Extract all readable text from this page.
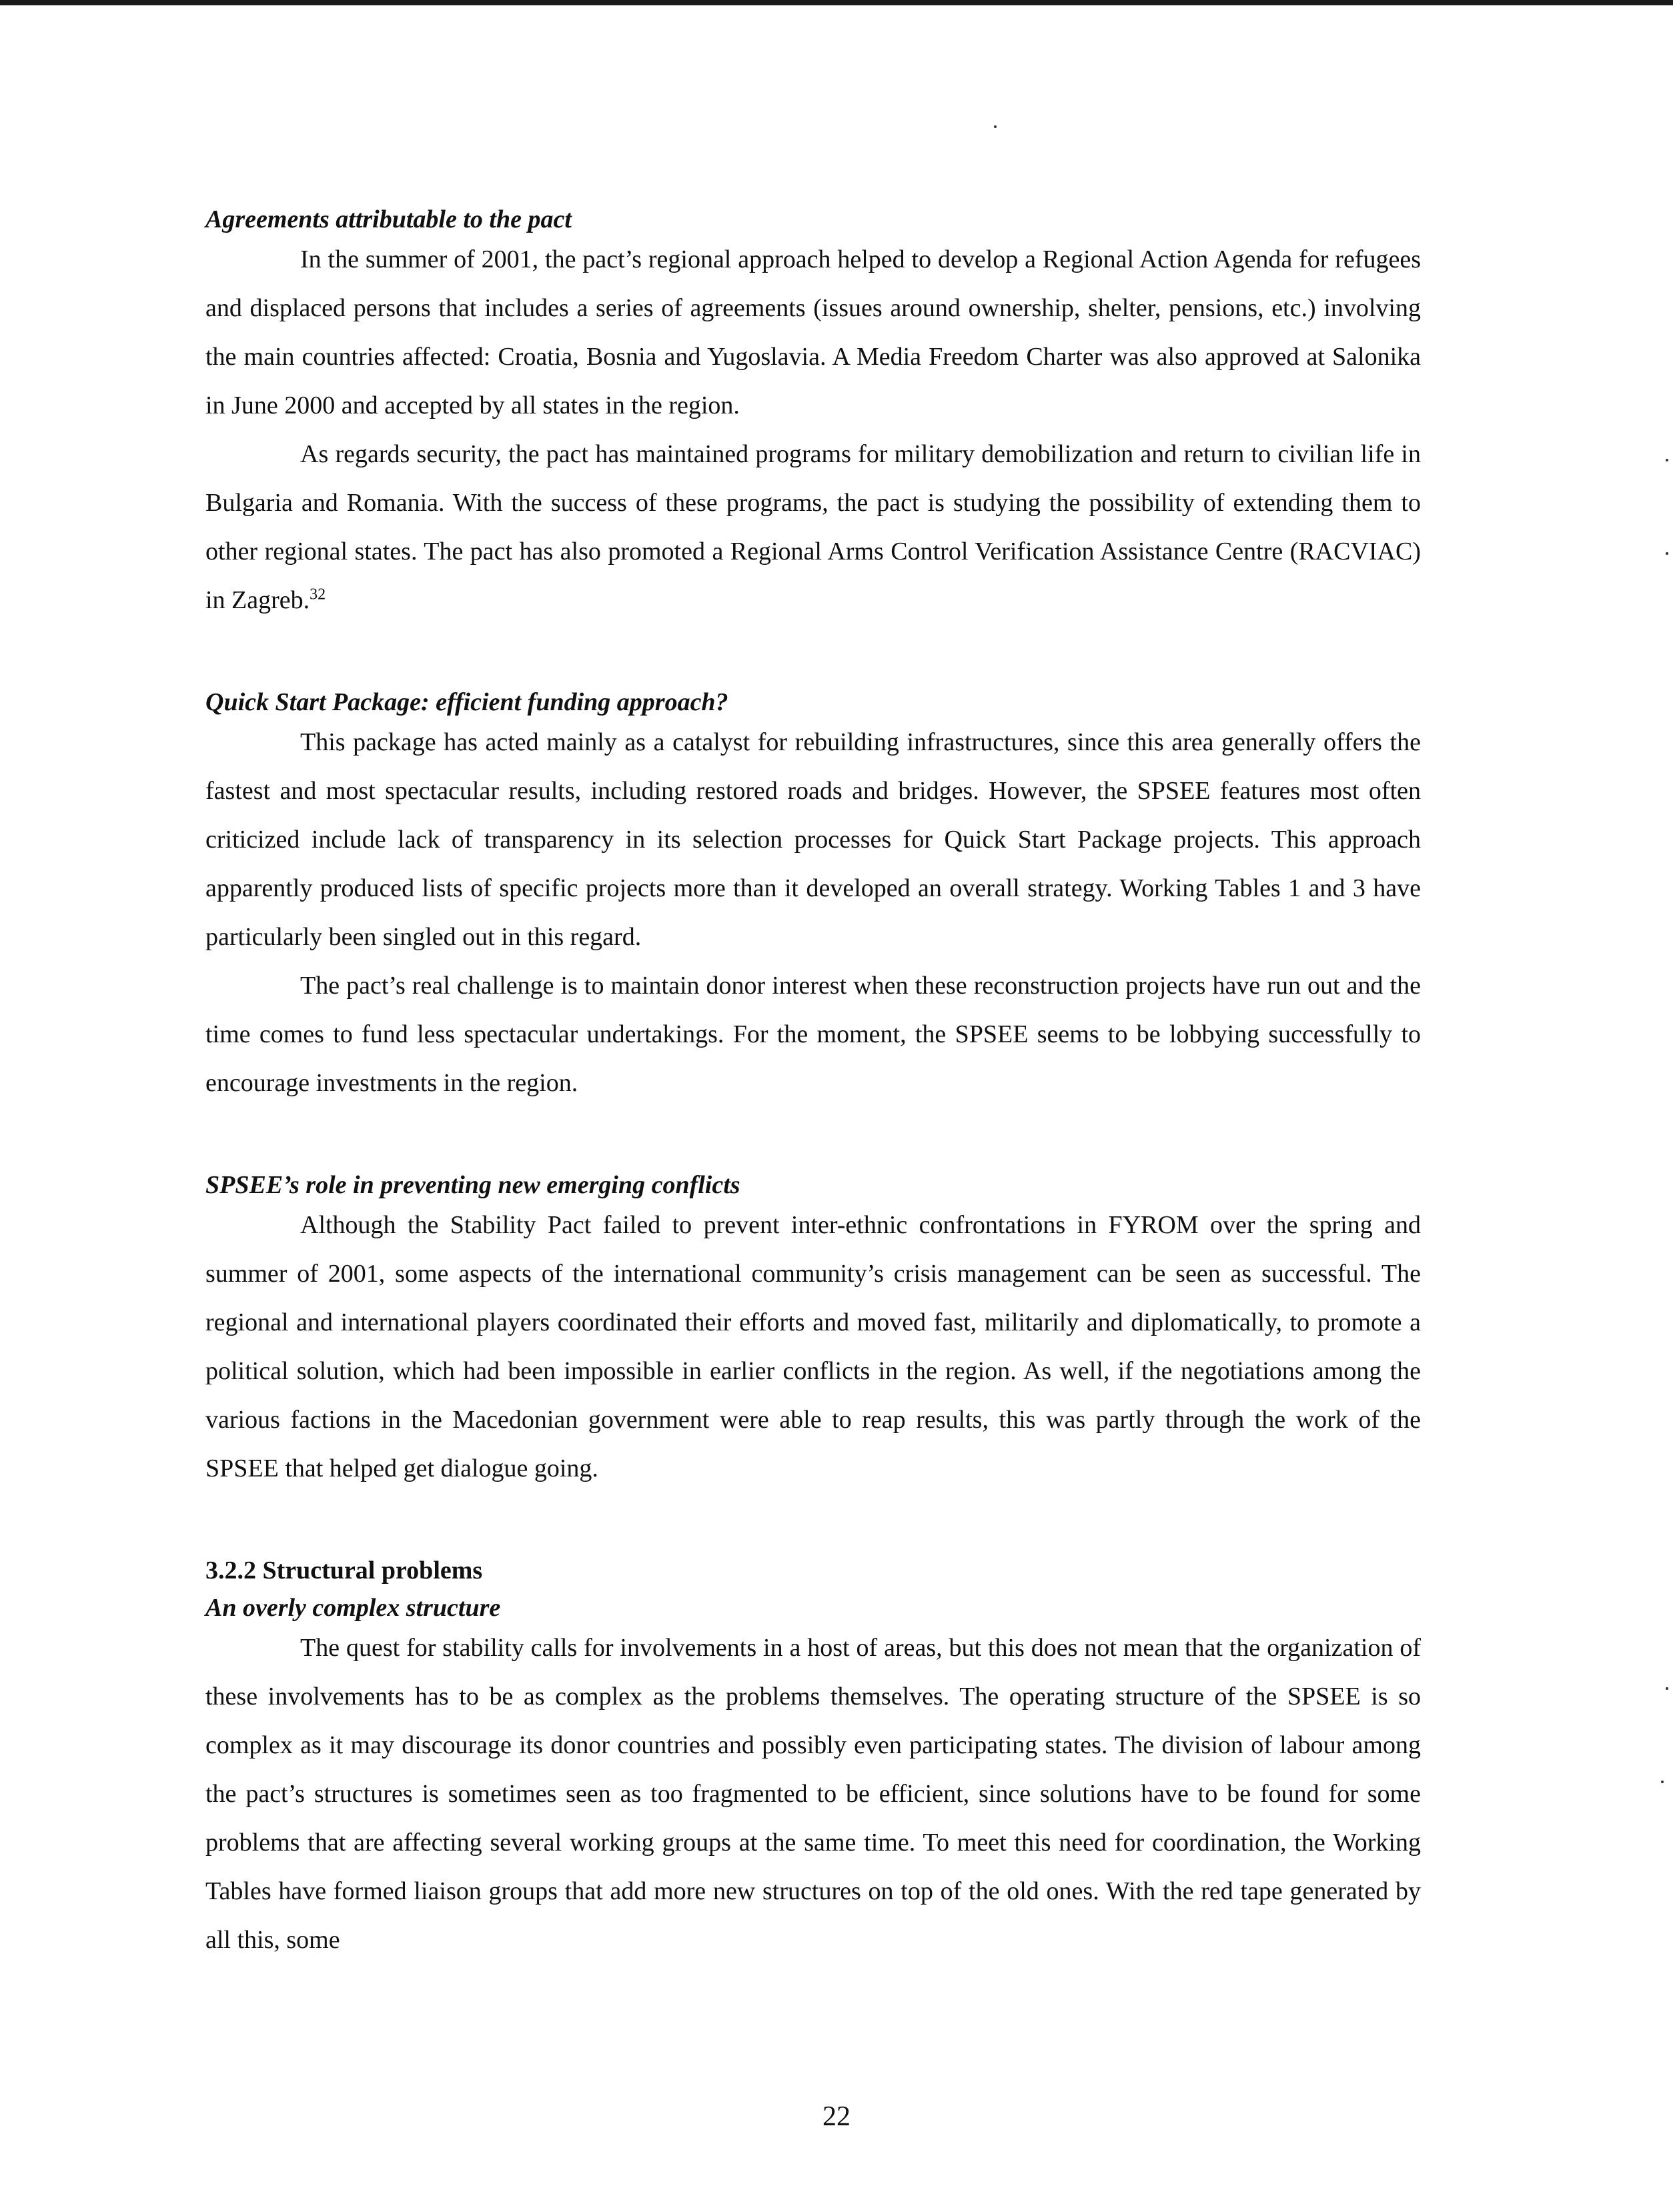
Agreements attributable to the pact

In the summer of 2001, the pact’s regional approach helped to develop a Regional Action Agenda for refugees and displaced persons that includes a series of agreements (issues around ownership, shelter, pensions, etc.) involving the main countries affected: Croatia, Bosnia and Yugoslavia. A Media Freedom Charter was also approved at Salonika in June 2000 and accepted by all states in the region.

As regards security, the pact has maintained programs for military demobilization and return to civilian life in Bulgaria and Romania. With the success of these programs, the pact is studying the possibility of extending them to other regional states. The pact has also promoted a Regional Arms Control Verification Assistance Centre (RACVIAC) in Zagreb.$^{32}$

Quick Start Package: efficient funding approach?

This package has acted mainly as a catalyst for rebuilding infrastructures, since this area generally offers the fastest and most spectacular results, including restored roads and bridges. However, the SPSEE features most often criticized include lack of transparency in its selection processes for Quick Start Package projects. This approach apparently produced lists of specific projects more than it developed an overall strategy. Working Tables 1 and 3 have particularly been singled out in this regard.

The pact’s real challenge is to maintain donor interest when these reconstruction projects have run out and the time comes to fund less spectacular undertakings. For the moment, the SPSEE seems to be lobbying successfully to encourage investments in the region.

SPSEE’s role in preventing new emerging conflicts

Although the Stability Pact failed to prevent inter-ethnic confrontations in FYROM over the spring and summer of 2001, some aspects of the international community’s crisis management can be seen as successful. The regional and international players coordinated their efforts and moved fast, militarily and diplomatically, to promote a political solution, which had been impossible in earlier conflicts in the region. As well, if the negotiations among the various factions in the Macedonian government were able to reap results, this was partly through the work of the SPSEE that helped get dialogue going.

3.2.2 Structural problems
An overly complex structure

The quest for stability calls for involvements in a host of areas, but this does not mean that the organization of these involvements has to be as complex as the problems themselves. The operating structure of the SPSEE is so complex as it may discourage its donor countries and possibly even participating states. The division of labour among the pact’s structures is sometimes seen as too fragmented to be efficient, since solutions have to be found for some problems that are affecting several working groups at the same time. To meet this need for coordination, the Working Tables have formed liaison groups that add more new structures on top of the old ones. With the red tape generated by all this, some

22
